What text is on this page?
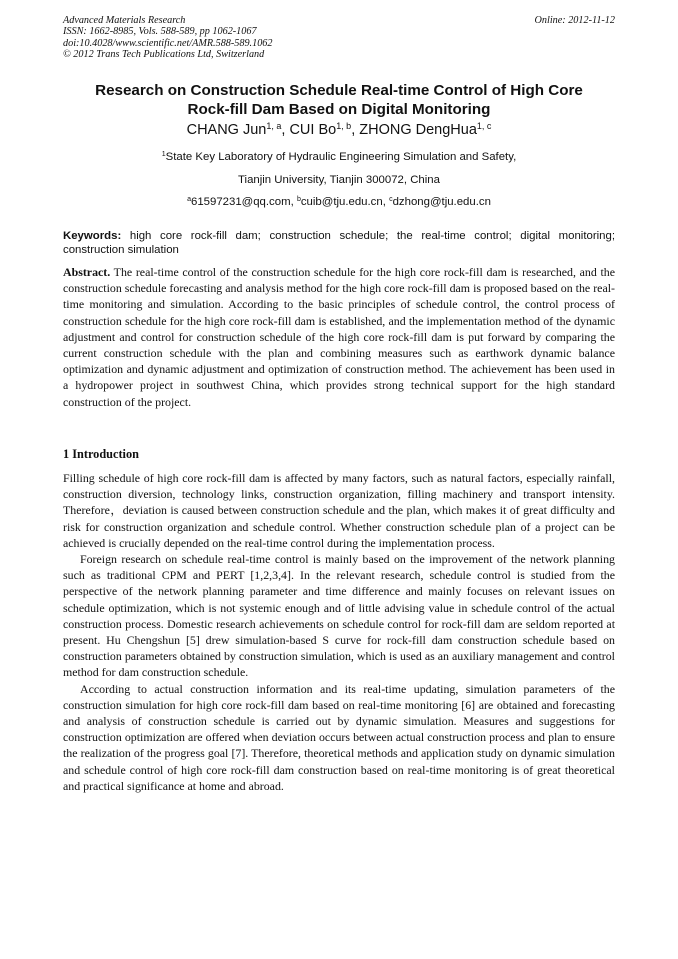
Advanced Materials Research
ISSN: 1662-8985, Vols. 588-589, pp 1062-1067
doi:10.4028/www.scientific.net/AMR.588-589.1062
© 2012 Trans Tech Publications Ltd, Switzerland
Online: 2012-11-12
Research on Construction Schedule Real-time Control of High Core
Rock-fill Dam Based on Digital Monitoring
CHANG Jun$^{1, a}$, CUI Bo$^{1, b}$, ZHONG DengHua$^{1, c}$
$^1$State Key Laboratory of Hydraulic Engineering Simulation and Safety,
Tianjin University, Tianjin 300072, China
$^a$61597231@qq.com, $^b$cuib@tju.edu.cn, $^c$dzhong@tju.edu.cn
Keywords: high core rock-fill dam; construction schedule; the real-time control; digital monitoring; construction simulation

Abstract. The real-time control of the construction schedule for the high core rock-fill dam is researched, and the construction schedule forecasting and analysis method for the high core rock-fill dam is proposed based on the real-time monitoring and simulation. According to the basic principles of schedule control, the control process of construction schedule for the high core rock-fill dam is established, and the implementation method of the dynamic adjustment and control for construction schedule of the high core rock-fill dam is put forward by comparing the current construction schedule with the plan and combining measures such as earthwork dynamic balance optimization and dynamic adjustment and optimization of construction method. The achievement has been used in a hydropower project in southwest China, which provides strong technical support for the high standard construction of the project.

1 Introduction

Filling schedule of high core rock-fill dam is affected by many factors, such as natural factors, especially rainfall, construction diversion, technology links, construction organization, filling machinery and transport intensity. Therefore，deviation is caused between construction schedule and the plan, which makes it of great difficulty and risk for construction organization and schedule control. Whether construction schedule plan of a project can be achieved is crucially depended on the real-time control during the implementation process.

Foreign research on schedule real-time control is mainly based on the improvement of the network planning such as traditional CPM and PERT [1,2,3,4]. In the relevant research, schedule control is studied from the perspective of the network planning parameter and time difference and mainly focuses on relevant issues on schedule optimization, which is not systemic enough and of little advising value in schedule control of the actual construction process. Domestic research achievements on schedule control for rock-fill dam are seldom reported at present. Hu Chengshun [5] drew simulation-based S curve for rock-fill dam construction schedule based on construction parameters obtained by construction simulation, which is used as an auxiliary management and control method for dam construction schedule.

According to actual construction information and its real-time updating, simulation parameters of the construction simulation for high core rock-fill dam based on real-time monitoring [6] are obtained and forecasting and analysis of construction schedule is carried out by dynamic simulation. Measures and suggestions for construction optimization are offered when deviation occurs between actual construction process and plan to ensure the realization of the progress goal [7]. Therefore, theoretical methods and application study on dynamic simulation and schedule control of high core rock-fill dam construction based on real-time monitoring is of great theoretical and practical significance at home and abroad.
